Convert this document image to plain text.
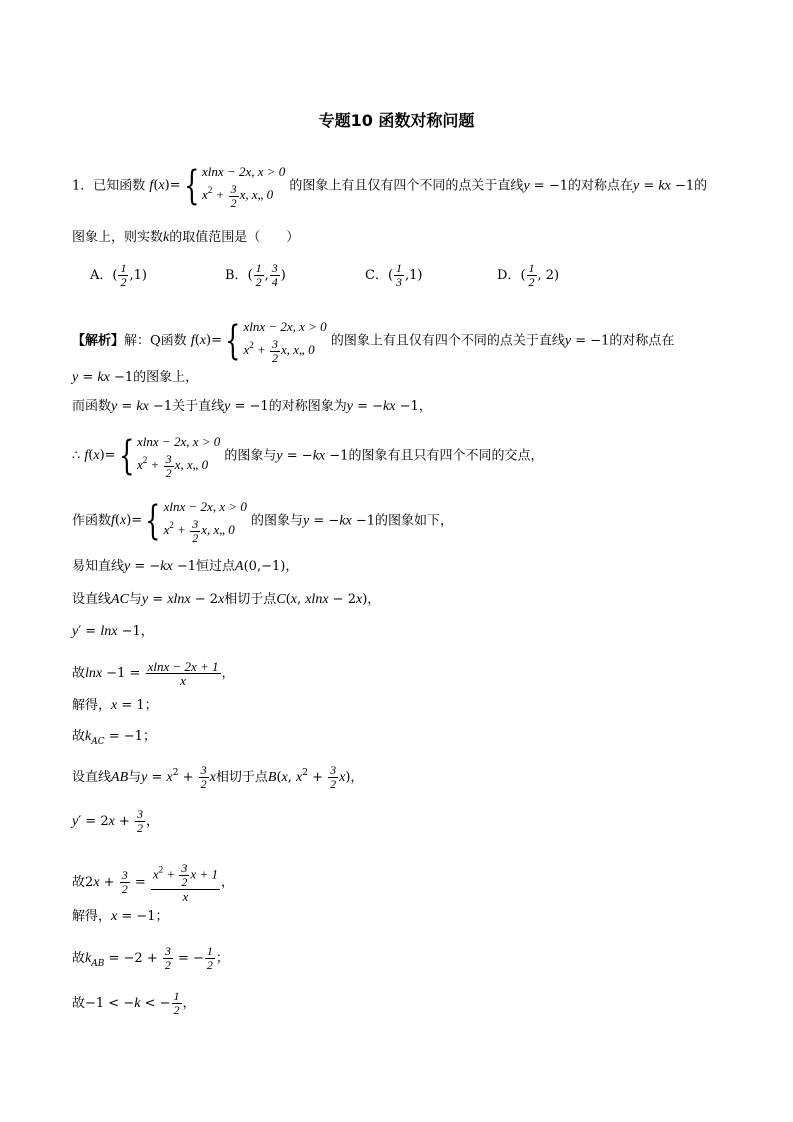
专题10 函数对称问题
1．已知函数 f ( x )= { xlnx − 2x, x > 0
$x^2 + \frac{3}{2} x$, x„ 0
的图象上有且仅有四个不同的点关于直线y = −1的对称点在y = kx −1的
图象上，则实数k的取值范围是（　　）
A．( $\frac{1}{2} ,1$)	B．( $\frac{1}{2}$ , $\frac{3}{4}$ )	C．( $\frac{1}{3} ,1$)	D．( $\frac{1}{2}$ , 2)
【解析】解：Q函数 f ( x )= { xlnx − 2x, x > 0
$x^2 + \frac{3}{2} x$, x„ 0
的图象上有且仅有四个不同的点关于直线y = −1的对称点在
y = kx −1的图象上，
而函数y = kx −1关于直线y = −1的对称图象为y = −kx −1，
∴ f ( x )= { xlnx − 2x, x > 0
$x^2 + \frac{3}{2} x$, x„ 0
的图象与y = −kx −1的图象有且只有四个不同的交点，
作函数 f ( x )= { xlnx − 2x, x > 0
$x^2 + \frac{3}{2} x$, x„ 0
的图象与y = −kx −1的图象如下，
易知直线y = −kx −1恒过点A(0,−1)，
设直线AC与y = xlnx − 2x相切于点C(x, xlnx − 2x)，
y′ = lnx −1，
故$\ln x -1 = \frac{xlnx - 2x + 1}{x}$ ，
解得，x = 1；
故$k_{AC} = -1$；
设直线AB与$y = x^2 + \frac{3}{2}$ x相切于点B(x, $x^2 + \frac{3}{2} x$)，
$y' = 2x + \frac{3}{2}$ ，
故$2x + \frac{3}{2} = \frac{x^2 + \frac{3}{2} x + 1}{x}$ ，
解得，x = −1；
故$k_{AB} = -2 + \frac{3}{2}$ = − $\frac{1}{2}$ ；
故−1 < −k < − $\frac{1}{2}$ ，
